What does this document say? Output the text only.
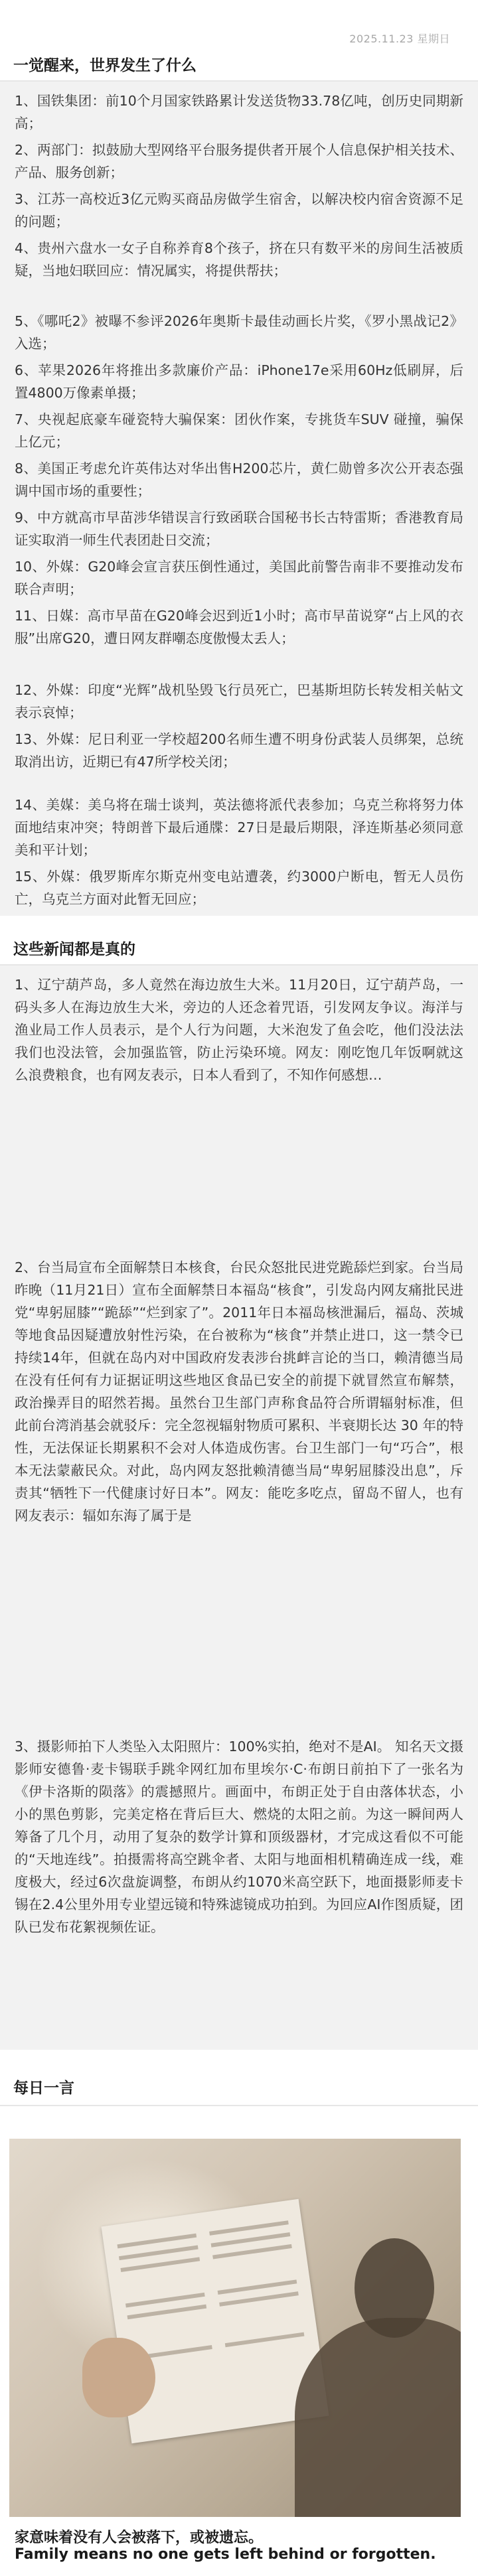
2025.11.23 星期日
一觉醒来，世界发生了什么
1、国铁集团：前10个月国家铁路累计发送货物33.78亿吨，创历史同期新高；
2、两部门：拟鼓励大型网络平台服务提供者开展个人信息保护相关技术、产品、服务创新；
3、江苏一高校近3亿元购买商品房做学生宿舍，以解决校内宿舍资源不足的问题；
4、贵州六盘水一女子自称养育8个孩子，挤在只有数平米的房间生活被质疑，当地妇联回应：情况属实，将提供帮扶；
5、《哪吒2》被曝不参评2026年奥斯卡最佳动画长片奖，《罗小黑战记2》入选；
6、苹果2026年将推出多款廉价产品：iPhone17e采用60Hz低刷屏，后置4800万像素单摄；
7、央视起底豪车碰瓷特大骗保案：团伙作案，专挑货车SUV 碰撞，骗保上亿元；
8、美国正考虑允许英伟达对华出售H200芯片，黄仁勋曾多次公开表态强调中国市场的重要性；
9、中方就高市早苗涉华错误言行致函联合国秘书长古特雷斯；香港教育局证实取消一师生代表团赴日交流；
10、外媒：G20峰会宣言获压倒性通过，美国此前警告南非不要推动发布联合声明；
11、日媒：高市早苗在G20峰会迟到近1小时；高市早苗说穿“占上风的衣服”出席G20，遭日网友群嘲态度傲慢太丢人；
12、外媒：印度“光辉”战机坠毁飞行员死亡，巴基斯坦防长转发相关帖文表示哀悼；
13、外媒：尼日利亚一学校超200名师生遭不明身份武装人员绑架，总统取消出访，近期已有47所学校关闭；
14、美媒：美乌将在瑞士谈判，英法德将派代表参加；乌克兰称将努力体面地结束冲突；特朗普下最后通牒：27日是最后期限，泽连斯基必须同意美和平计划；
15、外媒：俄罗斯库尔斯克州变电站遭袭，约3000户断电，暂无人员伤亡，乌克兰方面对此暂无回应；
这些新闻都是真的
1、辽宁葫芦岛，多人竟然在海边放生大米。11月20日，辽宁葫芦岛，一码头多人在海边放生大米，旁边的人还念着咒语，引发网友争议。海洋与渔业局工作人员表示，是个人行为问题，大米泡发了鱼会吃，他们没法法我们也没法管，会加强监管，防止污染环境。网友：刚吃饱几年饭啊就这么浪费粮食，也有网友表示，日本人看到了，不知作何感想…
2、台当局宣布全面解禁日本核食，台民众怒批民进党跪舔烂到家。台当局昨晚（11月21日）宣布全面解禁日本福岛“核食”，引发岛内网友痛批民进党“卑躬屈膝”“跪舔”“烂到家了”。2011年日本福岛核泄漏后，福岛、茨城等地食品因疑遭放射性污染，在台被称为“核食”并禁止进口，这一禁令已持续14年，但就在岛内对中国政府发表涉台挑衅言论的当口，赖清德当局在没有任何有力证据证明这些地区食品已安全的前提下就冒然宣布解禁，政治操弄目的昭然若揭。虽然台卫生部门声称食品符合所谓辐射标准，但此前台湾消基会就驳斥：完全忽视辐射物质可累积、半衰期长达 30 年的特性，无法保证长期累积不会对人体造成伤害。台卫生部门一句“巧合”，根本无法蒙蔽民众。对此，岛内网友怒批赖清德当局“卑躬屈膝没出息”，斥责其“牺牲下一代健康讨好日本”。网友：能吃多吃点，留岛不留人，也有网友表示：辐如东海了属于是
3、摄影师拍下人类坠入太阳照片：100%实拍，绝对不是AI。 知名天文摄影师安德鲁·麦卡锡联手跳伞网红加布里埃尔·C·布朗日前拍下了一张名为《伊卡洛斯的陨落》的震撼照片。画面中，布朗正处于自由落体状态，小小的黑色剪影，完美定格在背后巨大、燃烧的太阳之前。为这一瞬间两人筹备了几个月，动用了复杂的数学计算和顶级器材，才完成这看似不可能的“天地连线”。拍摄需将高空跳伞者、太阳与地面相机精确连成一线，难度极大，经过6次盘旋调整，布朗从约1070米高空跃下，地面摄影师麦卡锡在2.4公里外用专业望远镜和特殊滤镜成功拍到。为回应AI作图质疑，团队已发布花絮视频佐证。
每日一言
家意味着没有人会被落下，或被遗忘。
Family means no one gets left behind or forgotten.
